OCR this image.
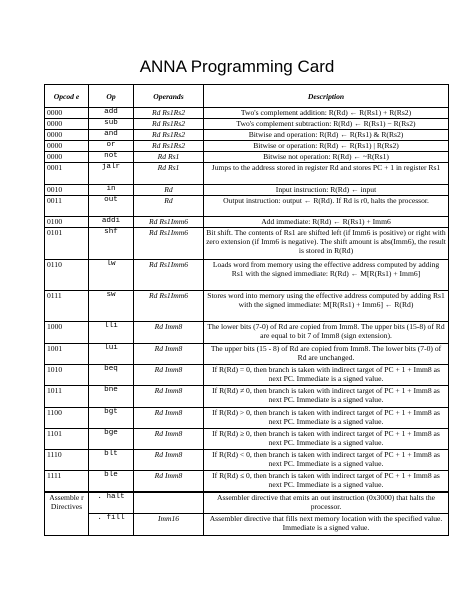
ANNA Programming Card
Opcod e	Op	Operands	Description
0000	add	Rd Rs1Rs2	Two's complement addition: R(Rd) ← R(Rs1) + R(Rs2)
0000	sub	Rd Rs1Rs2	Two's complement subtraction: R(Rd) ← R(Rs1) − R(Rs2)
0000	and	Rd Rs1Rs2	Bitwise and operation: R(Rd) ← R(Rs1) & R(Rs2)
0000	or	Rd Rs1Rs2	Bitwise or operation: R(Rd) ← R(Rs1) | R(Rs2)
0000	not	Rd Rs1	Bitwise not operation: R(Rd) ← ~R(Rs1)
0001	jalr	Rd Rs1	Jumps to the address stored in register Rd and stores PC + 1 in register Rs1
0010	in	Rd	Input instruction: R(Rd) ← input
0011	out	Rd	Output instruction: output ← R(Rd). If Rd is r0, halts the processor.
0100	addi	Rd Rs1Imm6	Add immediate: R(Rd) ← R(Rs1) + Imm6
0101	shf	Rd Rs1Imm6	Bit shift. The contents of Rs1 are shifted left (if Imm6 is positive) or right with zero extension (if Imm6 is negative). The shift amount is abs(Imm6), the result is stored in R(Rd)
0110	lw	Rd Rs1Imm6	Loads word from memory using the effective address computed by adding Rs1 with the signed immediate: R(Rd) ← M[R(Rs1) + Imm6]
0111	sw	Rd Rs1Imm6	Stores word into memory using the effective address computed by adding Rs1 with the signed immediate: M[R(Rs1) + Imm6] ← R(Rd)
1000	lli	Rd Imm8	The lower bits (7-0) of Rd are copied from Imm8. The upper bits (15-8) of Rd are equal to bit 7 of Imm8 (sign extension).
1001	lui	Rd Imm8	The upper bits (15 - 8) of Rd are copied from Imm8. The lower bits (7-0) of Rd are unchanged.
1010	beq	Rd Imm8	If R(Rd) = 0, then branch is taken with indirect target of PC + 1 + Imm8 as next PC. Immediate is a signed value.
1011	bne	Rd Imm8	If R(Rd) ≠ 0, then branch is taken with indirect target of PC + 1 + Imm8 as next PC. Immediate is a signed value.
1100	bgt	Rd Imm8	If R(Rd) > 0, then branch is taken with indirect target of PC + 1 + Imm8 as next PC. Immediate is a signed value.
1101	bge	Rd Imm8	If R(Rd) ≥ 0, then branch is taken with indirect target of PC + 1 + Imm8 as next PC. Immediate is a signed value.
1110	blt	Rd Imm8	If R(Rd) < 0, then branch is taken with indirect target of PC + 1 + Imm8 as next PC. Immediate is a signed value.
1111	ble	Rd Imm8	If R(Rd) ≤ 0, then branch is taken with indirect target of PC + 1 + Imm8 as next PC. Immediate is a signed value.
Assemble r Directives	. halt		Assembler directive that emits an out instruction (0x3000) that halts the processor.
	. fill	Imm16	Assembler directive that fills next memory location with the specified value. Immediate is a signed value.
